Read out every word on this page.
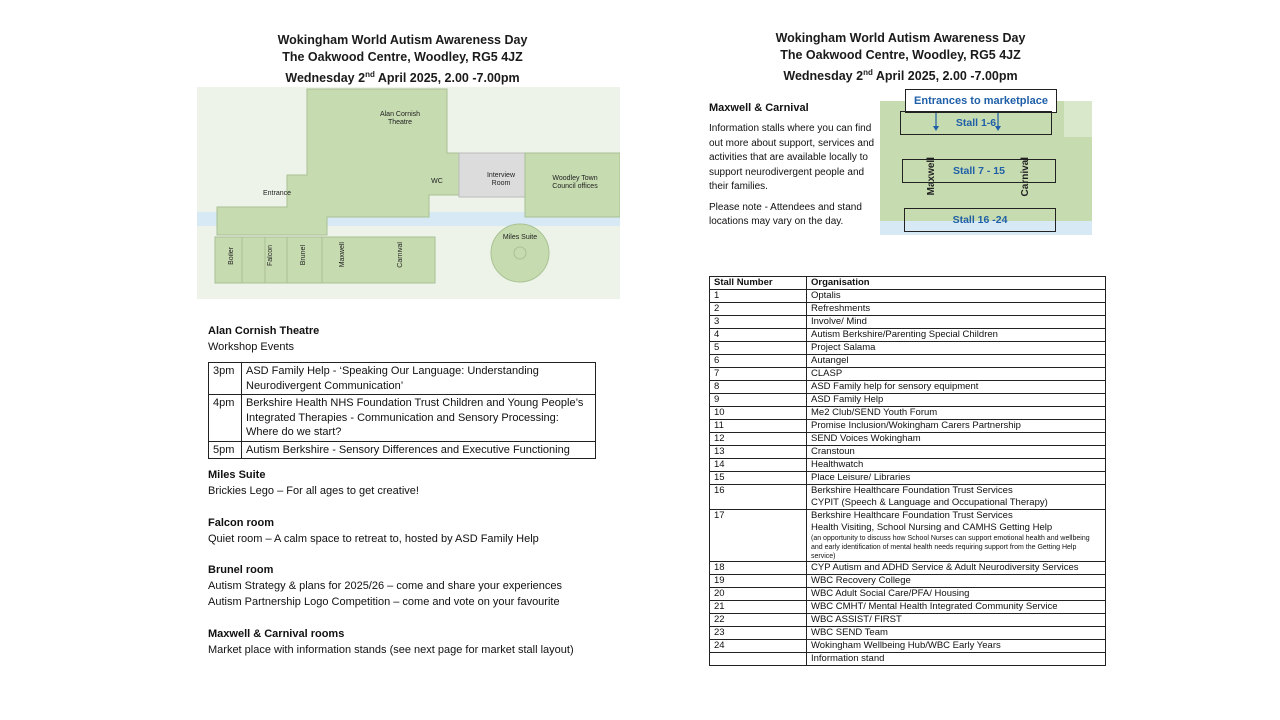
Wokingham World Autism Awareness Day
The Oakwood Centre, Woodley, RG5 4JZ
Wednesday 2nd April 2025, 2.00 -7.00pm
Alan Cornish Theatre
Entrance
WC
Interview Room
Woodley Town Council offices
Miles Suite
Boiler	Falcon	Brunel	Maxwell	Carnival
Alan Cornish Theatre
Workshop Events
3pm	ASD Family Help - ‘Speaking Our Language: Understanding Neurodivergent Communication’
4pm	Berkshire Health NHS Foundation Trust Children and Young People’s Integrated Therapies - Communication and Sensory Processing: Where do we start?
5pm	Autism Berkshire - Sensory Differences and Executive Functioning
Miles Suite
Brickies Lego – For all ages to get creative!
Falcon room
Quiet room – A calm space to retreat to, hosted by ASD Family Help
Brunel room
Autism Strategy & plans for 2025/26 – come and share your experiences
Autism Partnership Logo Competition – come and vote on your favourite
Maxwell & Carnival rooms
Market place with information stands (see next page for market stall layout)
Wokingham World Autism Awareness Day
The Oakwood Centre, Woodley, RG5 4JZ
Wednesday 2nd April 2025, 2.00 -7.00pm
Maxwell & Carnival
Information stalls where you can find out more about support, services and activities that are available locally to support neurodivergent people and their families.
Please note - Attendees and stand locations may vary on the day.
Entrances to marketplace
Stall 1-6
Stall 7 - 15
Stall 16 -24
Maxwell	Carnival
Stall Number	Organisation
1	Optalis
2	Refreshments
3	Involve/ Mind
4	Autism Berkshire/Parenting Special Children
5	Project Salama
6	Autangel
7	CLASP
8	ASD Family help for sensory equipment
9	ASD Family Help
10	Me2 Club/SEND Youth Forum
11	Promise Inclusion/Wokingham Carers Partnership
12	SEND Voices Wokingham
13	Cranstoun
14	Healthwatch
15	Place Leisure/ Libraries
16	Berkshire Healthcare Foundation Trust Services
CYPIT (Speech & Language and Occupational Therapy)

17	Berkshire Healthcare Foundation Trust Services
Health Visiting, School Nursing and CAMHS Getting Help
(an opportunity to discuss how School Nurses can support emotional health and wellbeing and early identification of mental health needs requiring support from the Getting Help service)

18	CYP Autism and ADHD Service & Adult Neurodiversity Services
19	WBC Recovery College
20	WBC Adult Social Care/PFA/ Housing
21	WBC CMHT/ Mental Health Integrated Community Service
22	WBC ASSIST/ FIRST
23	WBC SEND Team
24	Wokingham Wellbeing Hub/WBC Early Years
	Information stand
